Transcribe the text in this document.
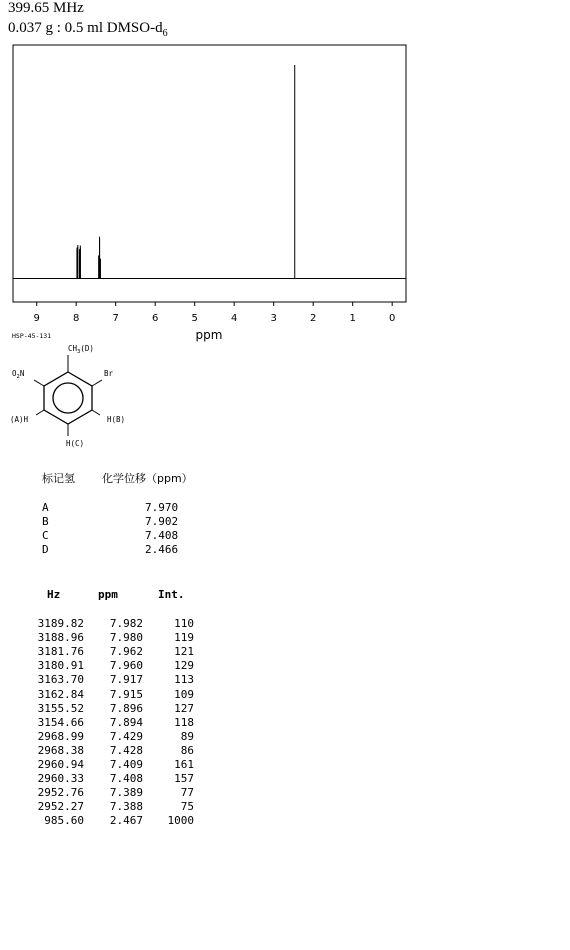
399.65 MHz
0.037 g : 0.5 ml DMSO-$d_6$
9	8	7	6	5	4	3	2	1	0
ppm
HSP-45-131
$CH_3(D)$
$O_2N$	Br
(A)H	H(B)
H(C)
标记氢 化学位移（ppm）
A	7.970
B	7.902
C	7.408
D	2.466
Hz	ppm	Int.
3189.82	7.982	110
3188.96	7.980	119
3181.76	7.962	121
3180.91	7.960	129
3163.70	7.917	113
3162.84	7.915	109
3155.52	7.896	127
3154.66	7.894	118
2968.99	7.429	89
2968.38	7.428	86
2960.94	7.409	161
2960.33	7.408	157
2952.76	7.389	77
2952.27	7.388	75
985.60	2.467	1000
